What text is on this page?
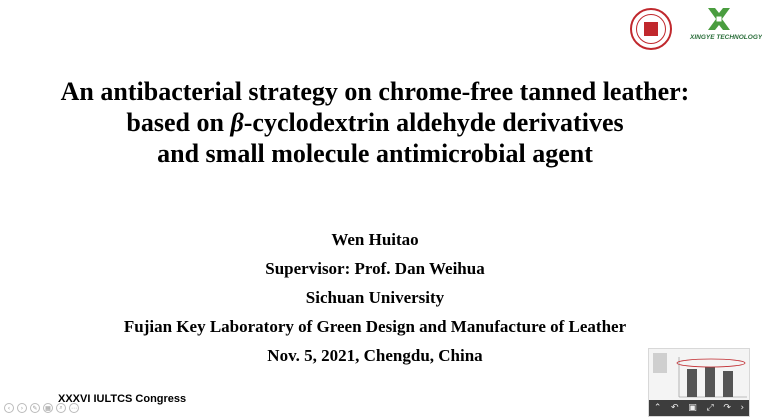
XINGYE TECHNOLOGY
An antibacterial strategy on chrome-free tanned leather:
based on β-cyclodextrin aldehyde derivatives
and small molecule antimicrobial agent
Wen Huitao
Supervisor: Prof. Dan Weihua
Sichuan University
Fujian Key Laboratory of Green Design and Manufacture of Leather
Nov. 5, 2021, Chengdu, China
XXXVI IULTCS Congress
‹	›	✎	▦	⌕	⋯	⌃ ↶ ▣ ⤢ ↷ ›
